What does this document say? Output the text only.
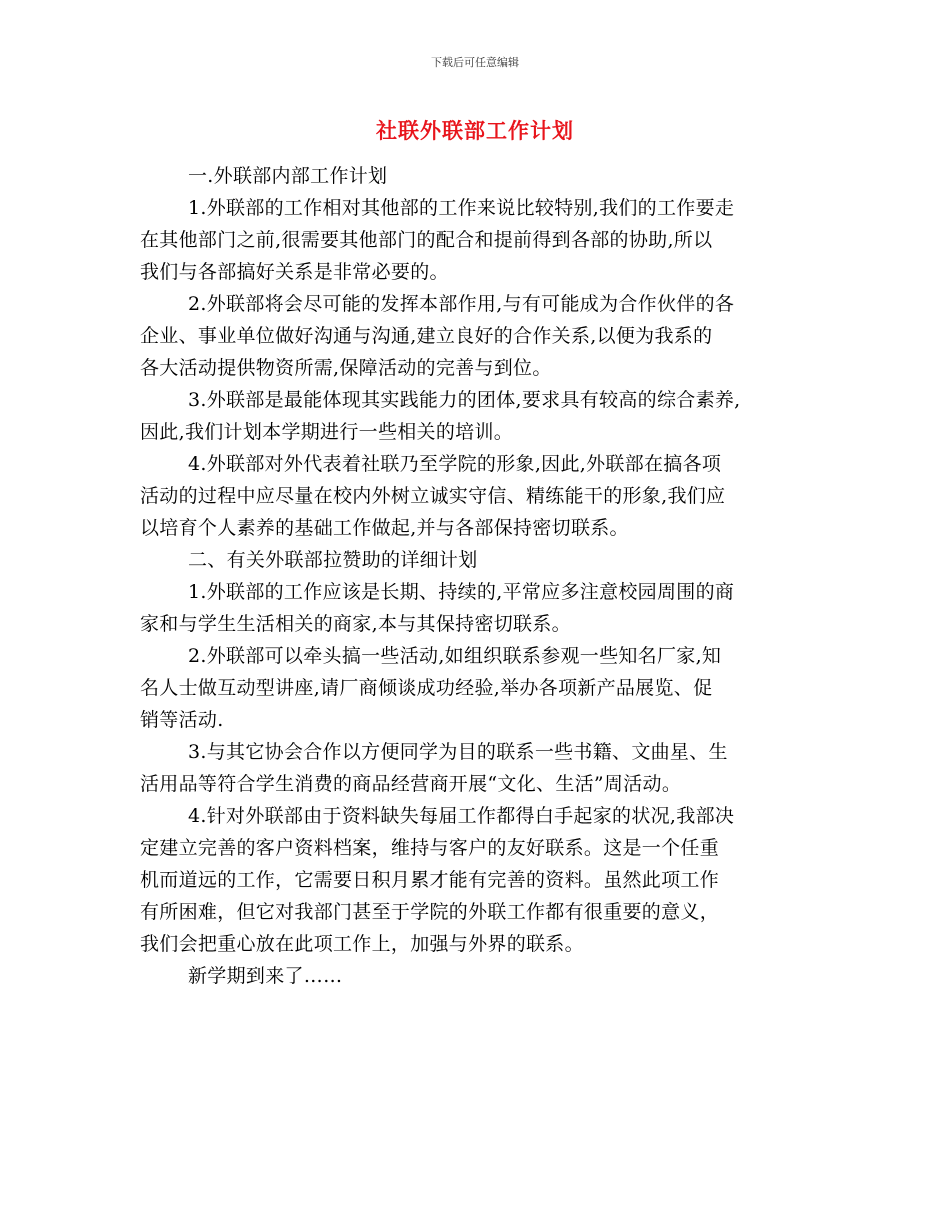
下载后可任意编辑
社联外联部工作计划

一.外联部内部工作计划

1.外联部的工作相对其他部的工作来说比较特别,我们的工作要走
在其他部门之前,很需要其他部门的配合和提前得到各部的协助,所以
我们与各部搞好关系是非常必要的。

2.外联部将会尽可能的发挥本部作用,与有可能成为合作伙伴的各
企业、事业单位做好沟通与沟通,建立良好的合作关系,以便为我系的
各大活动提供物资所需,保障活动的完善与到位。

3.外联部是最能体现其实践能力的团体,要求具有较高的综合素养,
因此,我们计划本学期进行一些相关的培训。

4.外联部对外代表着社联乃至学院的形象,因此,外联部在搞各项
活动的过程中应尽量在校内外树立诚实守信、精练能干的形象,我们应
以培育个人素养的基础工作做起,并与各部保持密切联系。

二、有关外联部拉赞助的详细计划

1.外联部的工作应该是长期、持续的,平常应多注意校园周围的商
家和与学生生活相关的商家,本与其保持密切联系。

2.外联部可以牵头搞一些活动,如组织联系参观一些知名厂家,知
名人士做互动型讲座,请厂商倾谈成功经验,举办各项新产品展览、促
销等活动.

3.与其它协会合作以方便同学为目的联系一些书籍、文曲星、生
活用品等符合学生消费的商品经营商开展“文化、生活”周活动。

4.针对外联部由于资料缺失每届工作都得白手起家的状况,我部决
定建立完善的客户资料档案，维持与客户的友好联系。这是一个任重
机而道远的工作，它需要日积月累才能有完善的资料。虽然此项工作
有所困难，但它对我部门甚至于学院的外联工作都有很重要的意义，
我们会把重心放在此项工作上，加强与外界的联系。

新学期到来了……
